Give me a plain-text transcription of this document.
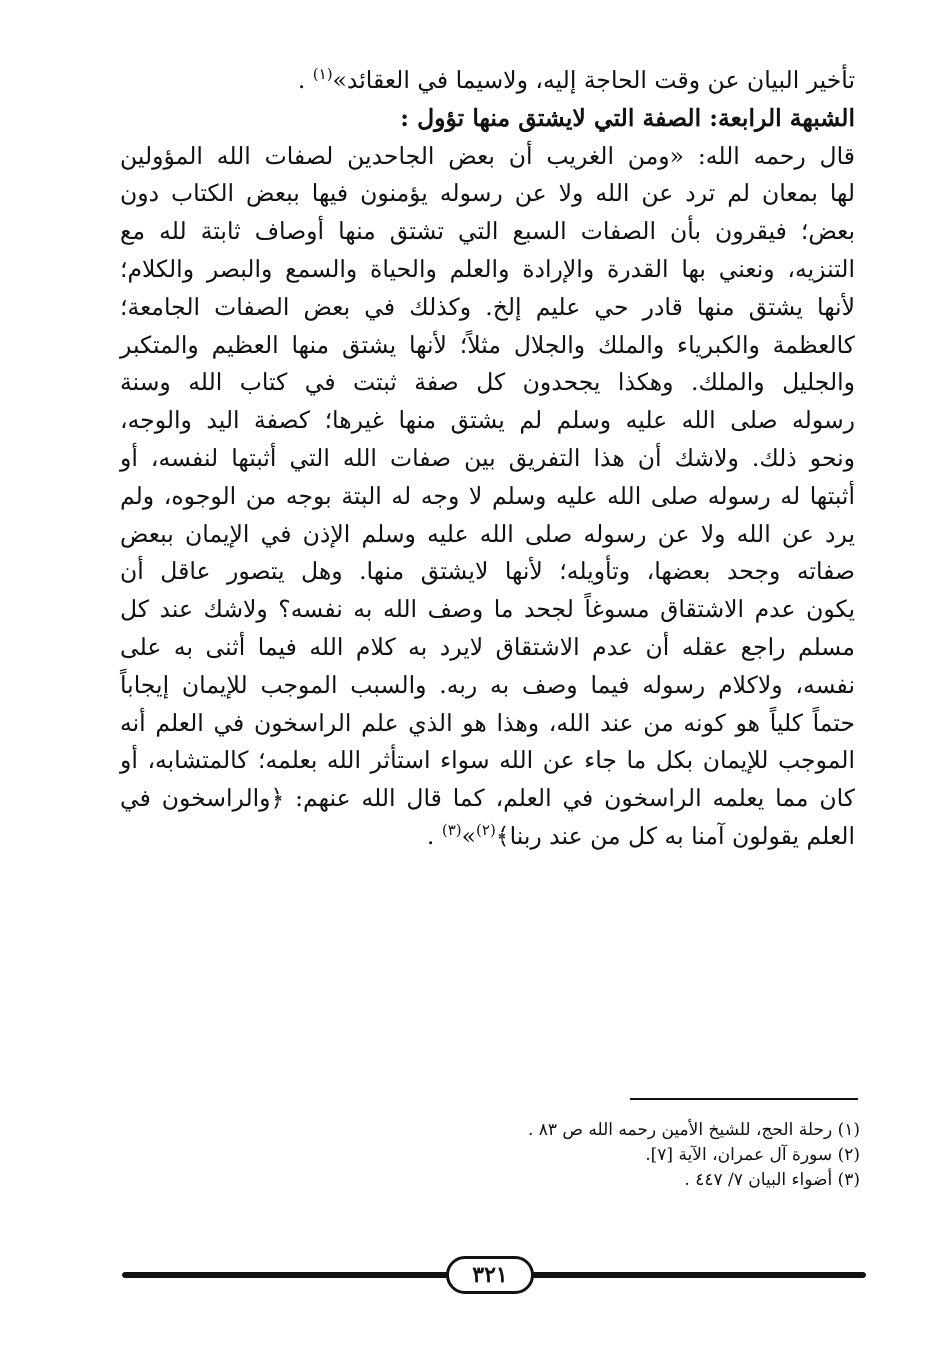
تأخير البيان عن وقت الحاجة إليه، ولاسيما في العقائد»$^{(١)}$ .
الشبهة الرابعة: الصفة التي لايشتق منها تؤول :
قال رحمه الله: «ومن الغريب أن بعض الجاحدين لصفات الله المؤولين
لها بمعان لم ترد عن الله ولا عن رسوله يؤمنون فيها ببعض الكتاب دون
بعض؛ فيقرون بأن الصفات السبع التي تشتق منها أوصاف ثابتة لله مع
التنزيه، ونعني بها القدرة والإرادة والعلم والحياة والسمع والبصر والكلام؛
لأنها يشتق منها قادر حي عليم إلخ. وكذلك في بعض الصفات الجامعة؛
كالعظمة والكبرياء والملك والجلال مثلاً؛ لأنها يشتق منها العظيم والمتكبر
والجليل والملك. وهكذا يجحدون كل صفة ثبتت في كتاب الله وسنة
رسوله صلى الله عليه وسلم لم يشتق منها غيرها؛ كصفة اليد والوجه،
ونحو ذلك. ولاشك أن هذا التفريق بين صفات الله التي أثبتها لنفسه، أو
أثبتها له رسوله صلى الله عليه وسلم لا وجه له البتة بوجه من الوجوه، ولم
يرد عن الله ولا عن رسوله صلى الله عليه وسلم الإذن في الإيمان ببعض
صفاته وجحد بعضها، وتأويله؛ لأنها لايشتق منها. وهل يتصور عاقل أن
يكون عدم الاشتقاق مسوغاً لجحد ما وصف الله به نفسه؟ ولاشك عند كل
مسلم راجع عقله أن عدم الاشتقاق لايرد به كلام الله فيما أثنى به على
نفسه، ولاكلام رسوله فيما وصف به ربه. والسبب الموجب للإيمان إيجاباً
حتماً كلياً هو كونه من عند الله، وهذا هو الذي علم الراسخون في العلم أنه
الموجب للإيمان بكل ما جاء عن الله سواء استأثر الله بعلمه؛ كالمتشابه، أو
كان مما يعلمه الراسخون في العلم، كما قال الله عنهم: ﴿والراسخون في
العلم يقولون آمنا به كل من عند ربنا﴾$^{(٢)}$»$^{(٣)}$ .
(١) رحلة الحج، للشيخ الأمين رحمه الله ص ٨٣ .
(٢) سورة آل عمران، الآية [٧].
(٣) أضواء البيان ٧/ ٤٤٧ .
٣٢١
